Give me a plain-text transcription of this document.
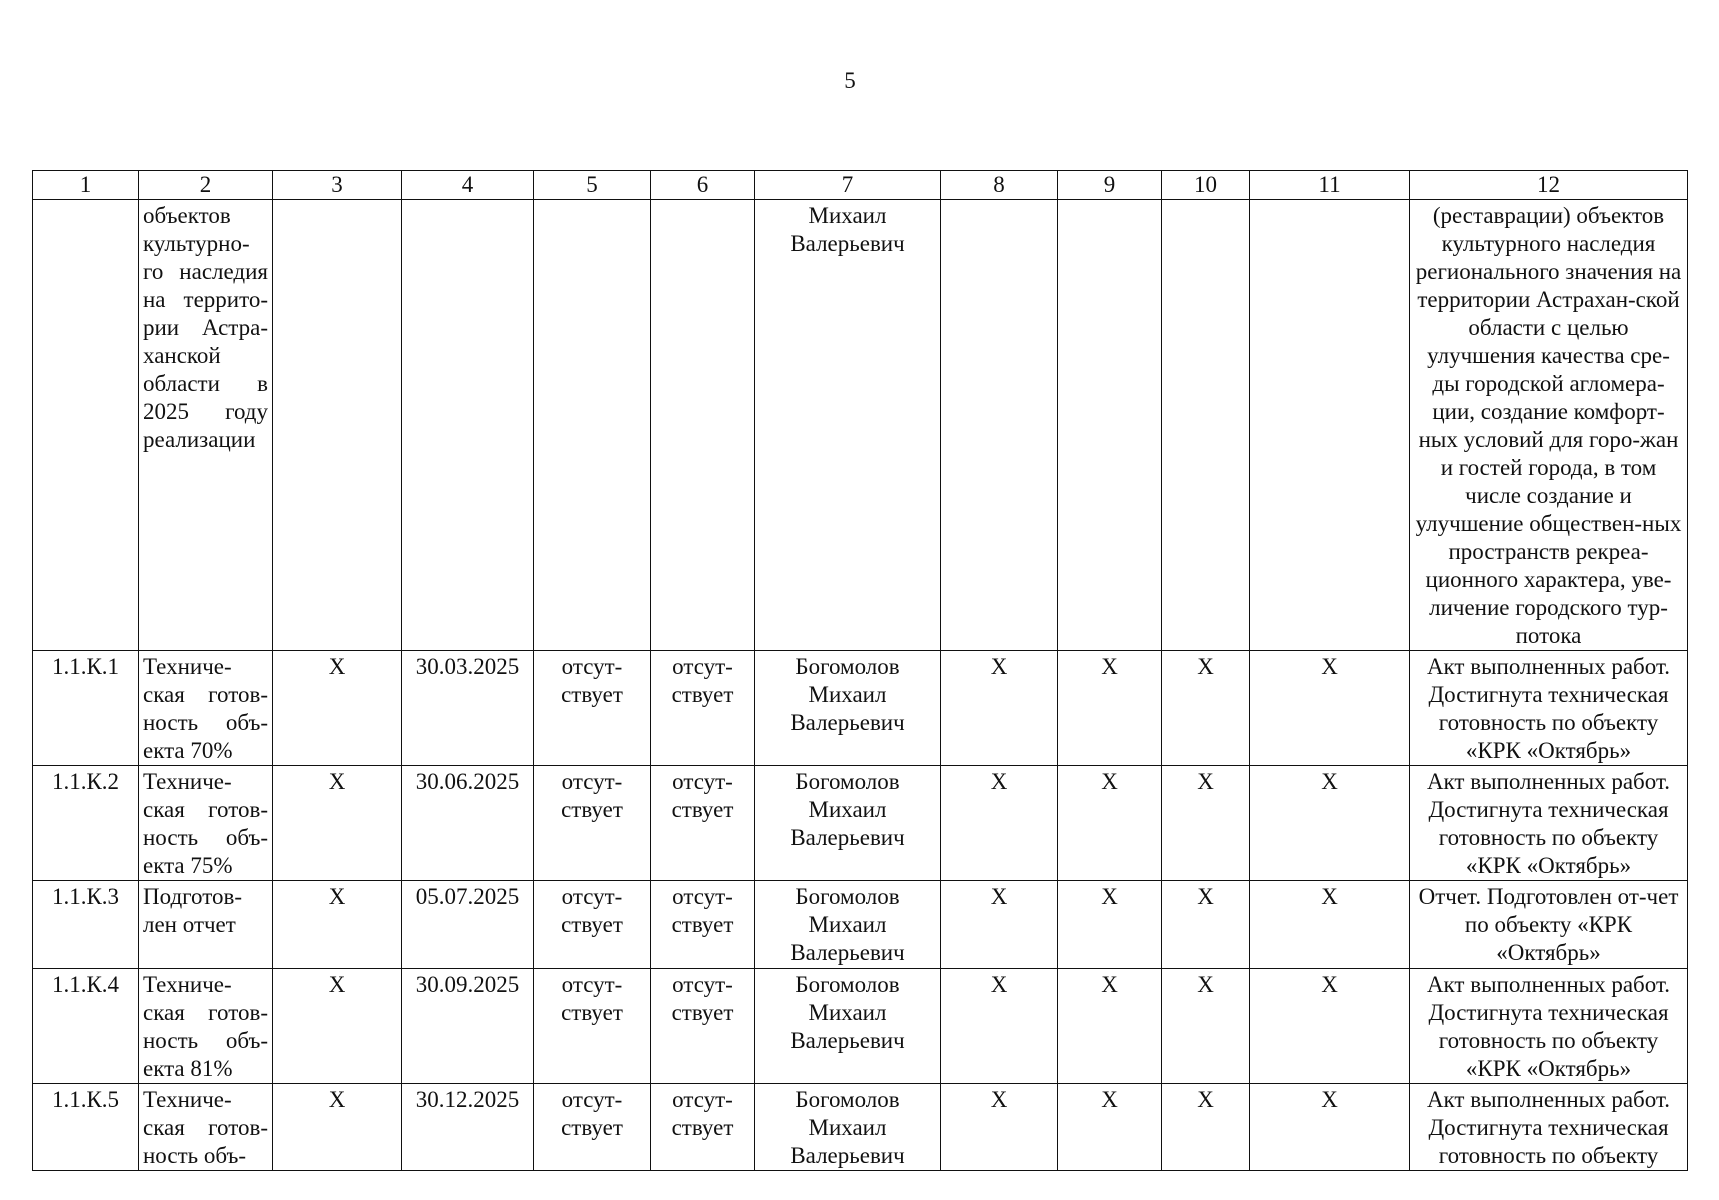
5
1	2	3	4	5	6	7	8	9	10	11	12
	объектов культурно-го наследия на террито-рии Астра-ханской области в 2025 году реализации					Михаил Валерьевич					(реставрации) объектов культурного наследия регионального значения на территории Астрахан-ской области с целью улучшения качества сре-ды городской агломера-ции, создание комфорт-ных условий для горо-жан и гостей города, в том числе создание и улучшение обществен-ных пространств рекреа-ционного характера, уве-личение городского тур-потока
1.1.К.1	Техниче-ская готов-ность объ-екта 70%	Х	30.03.2025	отсут-ствует	отсут-ствует	Богомолов Михаил Валерьевич	Х	Х	Х	Х	Акт выполненных работ. Достигнута техническая готовность по объекту «КРК «Октябрь»
1.1.К.2	Техниче-ская готов-ность объ-екта 75%	Х	30.06.2025	отсут-ствует	отсут-ствует	Богомолов Михаил Валерьевич	Х	Х	Х	Х	Акт выполненных работ. Достигнута техническая готовность по объекту «КРК «Октябрь»
1.1.К.3	Подготов-лен отчет	Х	05.07.2025	отсут-ствует	отсут-ствует	Богомолов Михаил Валерьевич	Х	Х	Х	Х	Отчет. Подготовлен от-чет по объекту «КРК «Октябрь»
1.1.К.4	Техниче-ская готов-ность объ-екта 81%	Х	30.09.2025	отсут-ствует	отсут-ствует	Богомолов Михаил Валерьевич	Х	Х	Х	Х	Акт выполненных работ. Достигнута техническая готовность по объекту «КРК «Октябрь»
1.1.К.5	Техниче-ская готов-ность объ-	Х	30.12.2025	отсут-ствует	отсут-ствует	Богомолов Михаил Валерьевич	Х	Х	Х	Х	Акт выполненных работ. Достигнута техническая готовность по объекту
